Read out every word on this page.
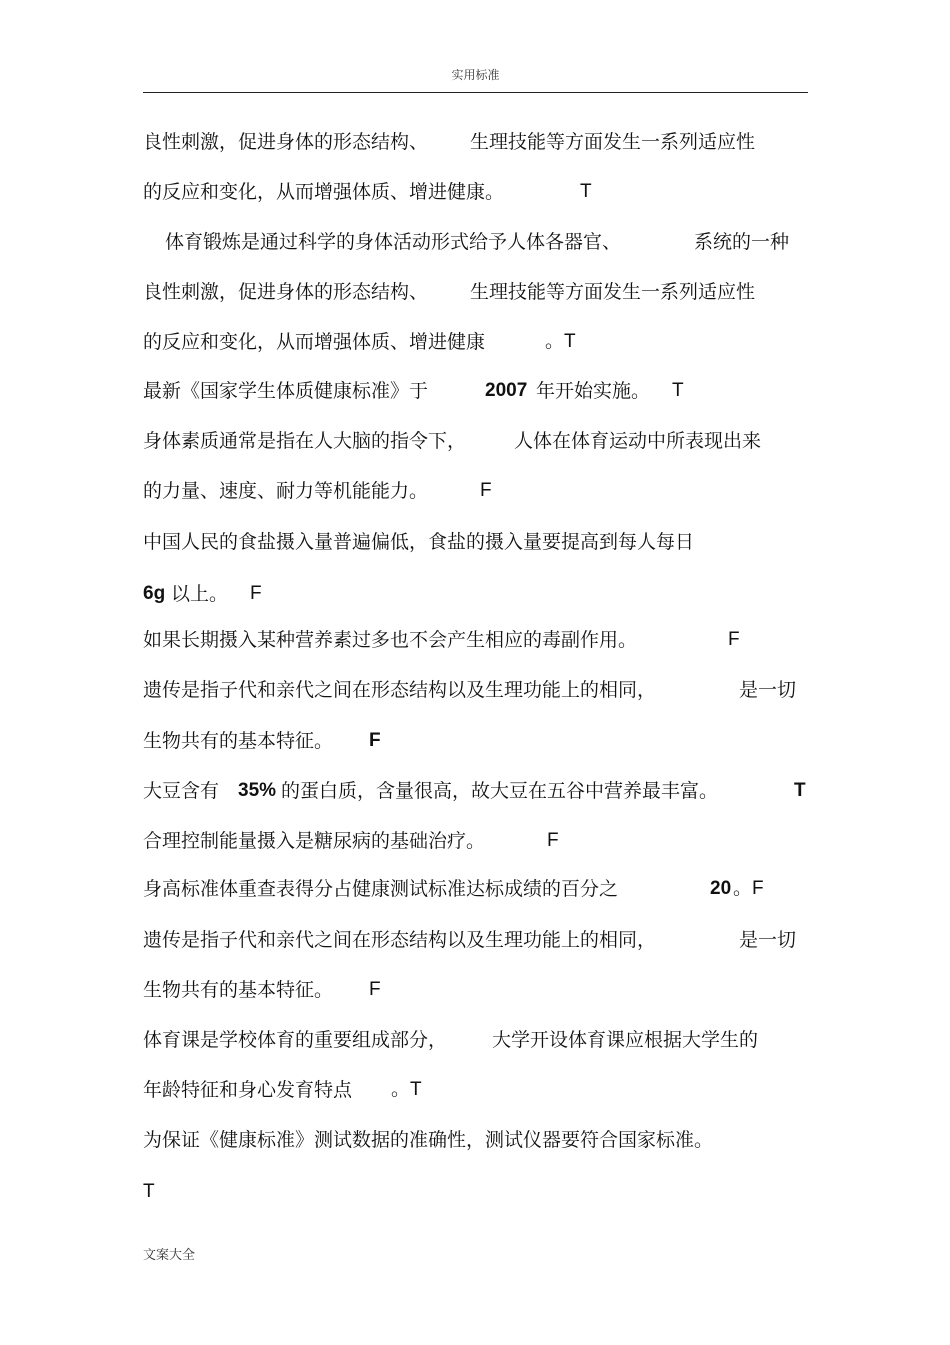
实用标准

良性刺激，促进身体的形态结构、

生理技能等方面发生一系列适应性

的反应和变化，从而增强体质、增进健康。

	T

体育锻炼是通过科学的身体活动形式给予人体各器官、

	系统的一种

良性刺激，促进身体的形态结构、

生理技能等方面发生一系列适应性

的反应和变化，从而增强体质、增进健康

	。T

最新《国家学生体质健康标准》于

	2007

年开始实施。

T

身体素质通常是指在人大脑的指令下，

	人体在体育运动中所表现出来

的力量、速度、耐力等机能能力。

	F

中国人民的食盐摄入量普遍偏低，食盐的摄入量要提高到每人每日

6g

以上。

F

如果长期摄入某种营养素过多也不会产生相应的毒副作用。

	F

遗传是指子代和亲代之间在形态结构以及生理功能上的相同，

	是一切

生物共有的基本特征。

F

大豆含有

35%

的蛋白质，含量很高，故大豆在五谷中营养最丰富。

	T

合理控制能量摄入是糖尿病的基础治疗。

	F

身高标准体重查表得分占健康测试标准达标成绩的百分之

	20

。F

遗传是指子代和亲代之间在形态结构以及生理功能上的相同，

	是一切

生物共有的基本特征。

F

体育课是学校体育的重要组成部分，

大学开设体育课应根据大学生的

年龄特征和身心发育特点

。T

为保证《健康标准》测试数据的准确性，测试仪器要符合国家标准。

T

文案大全
